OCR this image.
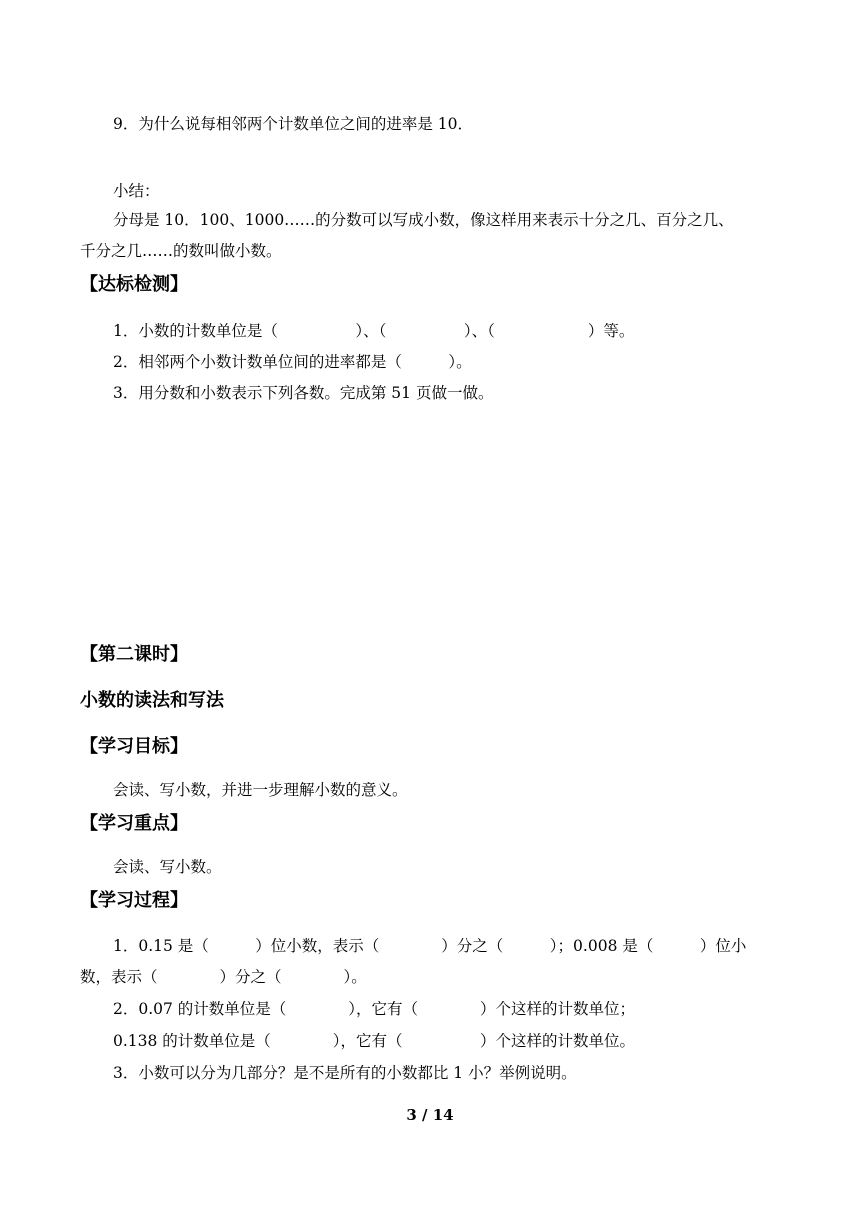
9．为什么说每相邻两个计数单位之间的进率是 10．
小结：
分母是 10．100、1000……的分数可以写成小数，像这样用来表示十分之几、百分之几、
千分之几……的数叫做小数。
【达标检测】
1．小数的计数单位是（　　　　　）、（　　　　　）、（　　　　　　）等。
2．相邻两个小数计数单位间的进率都是（　　　）。
3．用分数和小数表示下列各数。完成第 51 页做一做。
【第二课时】
小数的读法和写法
【学习目标】
会读、写小数，并进一步理解小数的意义。
【学习重点】
会读、写小数。
【学习过程】
1．0.15 是（　　　）位小数，表示（　　　　）分之（　　　）；0.008 是（　　　）位小
数，表示（　　　　）分之（　　　　）。
2．0.07 的计数单位是（　　　　），它有（　　　　）个这样的计数单位；
0.138 的计数单位是（　　　　），它有（　　　　　）个这样的计数单位。
3．小数可以分为几部分？是不是所有的小数都比 1 小？举例说明。
3 / 14
